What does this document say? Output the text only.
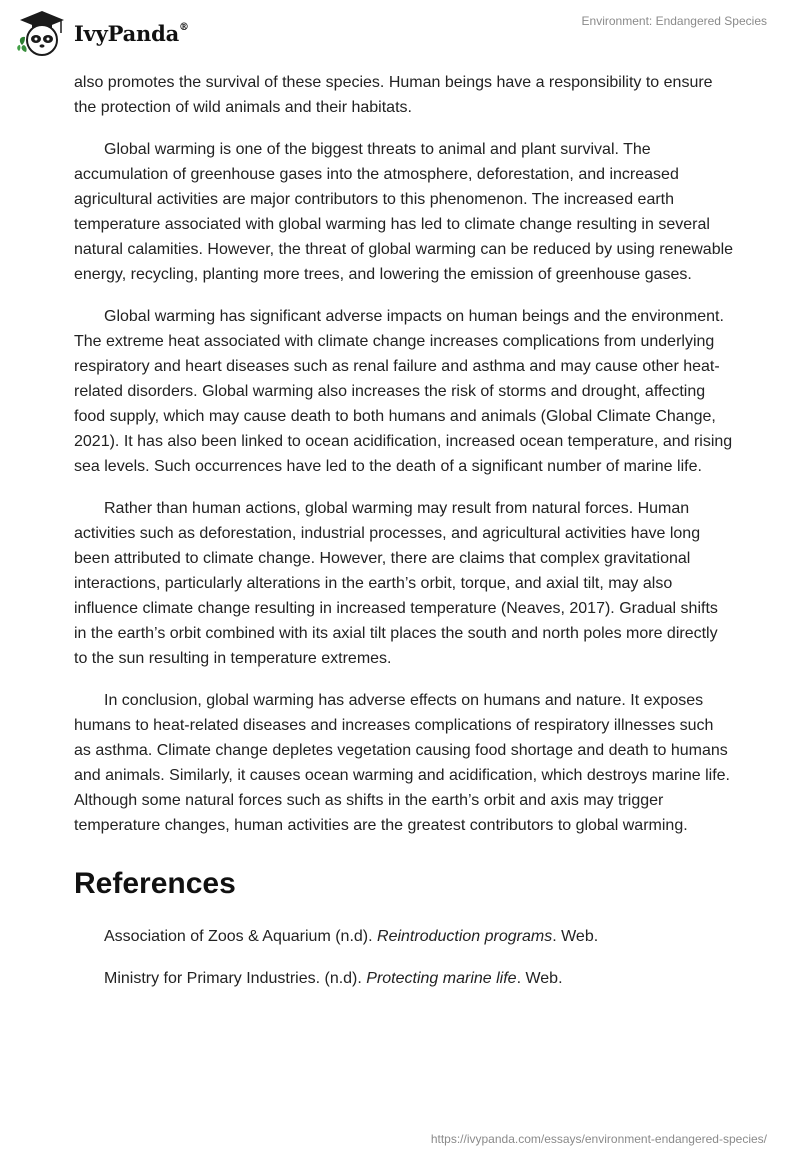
IvyPanda®	Environment: Endangered Species

also promotes the survival of these species. Human beings have a responsibility to ensure the protection of wild animals and their habitats.

Global warming is one of the biggest threats to animal and plant survival. The accumulation of greenhouse gases into the atmosphere, deforestation, and increased agricultural activities are major contributors to this phenomenon. The increased earth temperature associated with global warming has led to climate change resulting in several natural calamities. However, the threat of global warming can be reduced by using renewable energy, recycling, planting more trees, and lowering the emission of greenhouse gases.

Global warming has significant adverse impacts on human beings and the environment. The extreme heat associated with climate change increases complications from underlying respiratory and heart diseases such as renal failure and asthma and may cause other heat-related disorders. Global warming also increases the risk of storms and drought, affecting food supply, which may cause death to both humans and animals (Global Climate Change, 2021). It has also been linked to ocean acidification, increased ocean temperature, and rising sea levels. Such occurrences have led to the death of a significant number of marine life.

Rather than human actions, global warming may result from natural forces. Human activities such as deforestation, industrial processes, and agricultural activities have long been attributed to climate change. However, there are claims that complex gravitational interactions, particularly alterations in the earth’s orbit, torque, and axial tilt, may also influence climate change resulting in increased temperature (Neaves, 2017). Gradual shifts in the earth’s orbit combined with its axial tilt places the south and north poles more directly to the sun resulting in temperature extremes.

In conclusion, global warming has adverse effects on humans and nature. It exposes humans to heat-related diseases and increases complications of respiratory illnesses such as asthma. Climate change depletes vegetation causing food shortage and death to humans and animals. Similarly, it causes ocean warming and acidification, which destroys marine life. Although some natural forces such as shifts in the earth’s orbit and axis may trigger temperature changes, human activities are the greatest contributors to global warming.

References

Association of Zoos & Aquarium (n.d). Reintroduction programs. Web.

Ministry for Primary Industries. (n.d). Protecting marine life. Web.

https://ivypanda.com/essays/environment-endangered-species/
